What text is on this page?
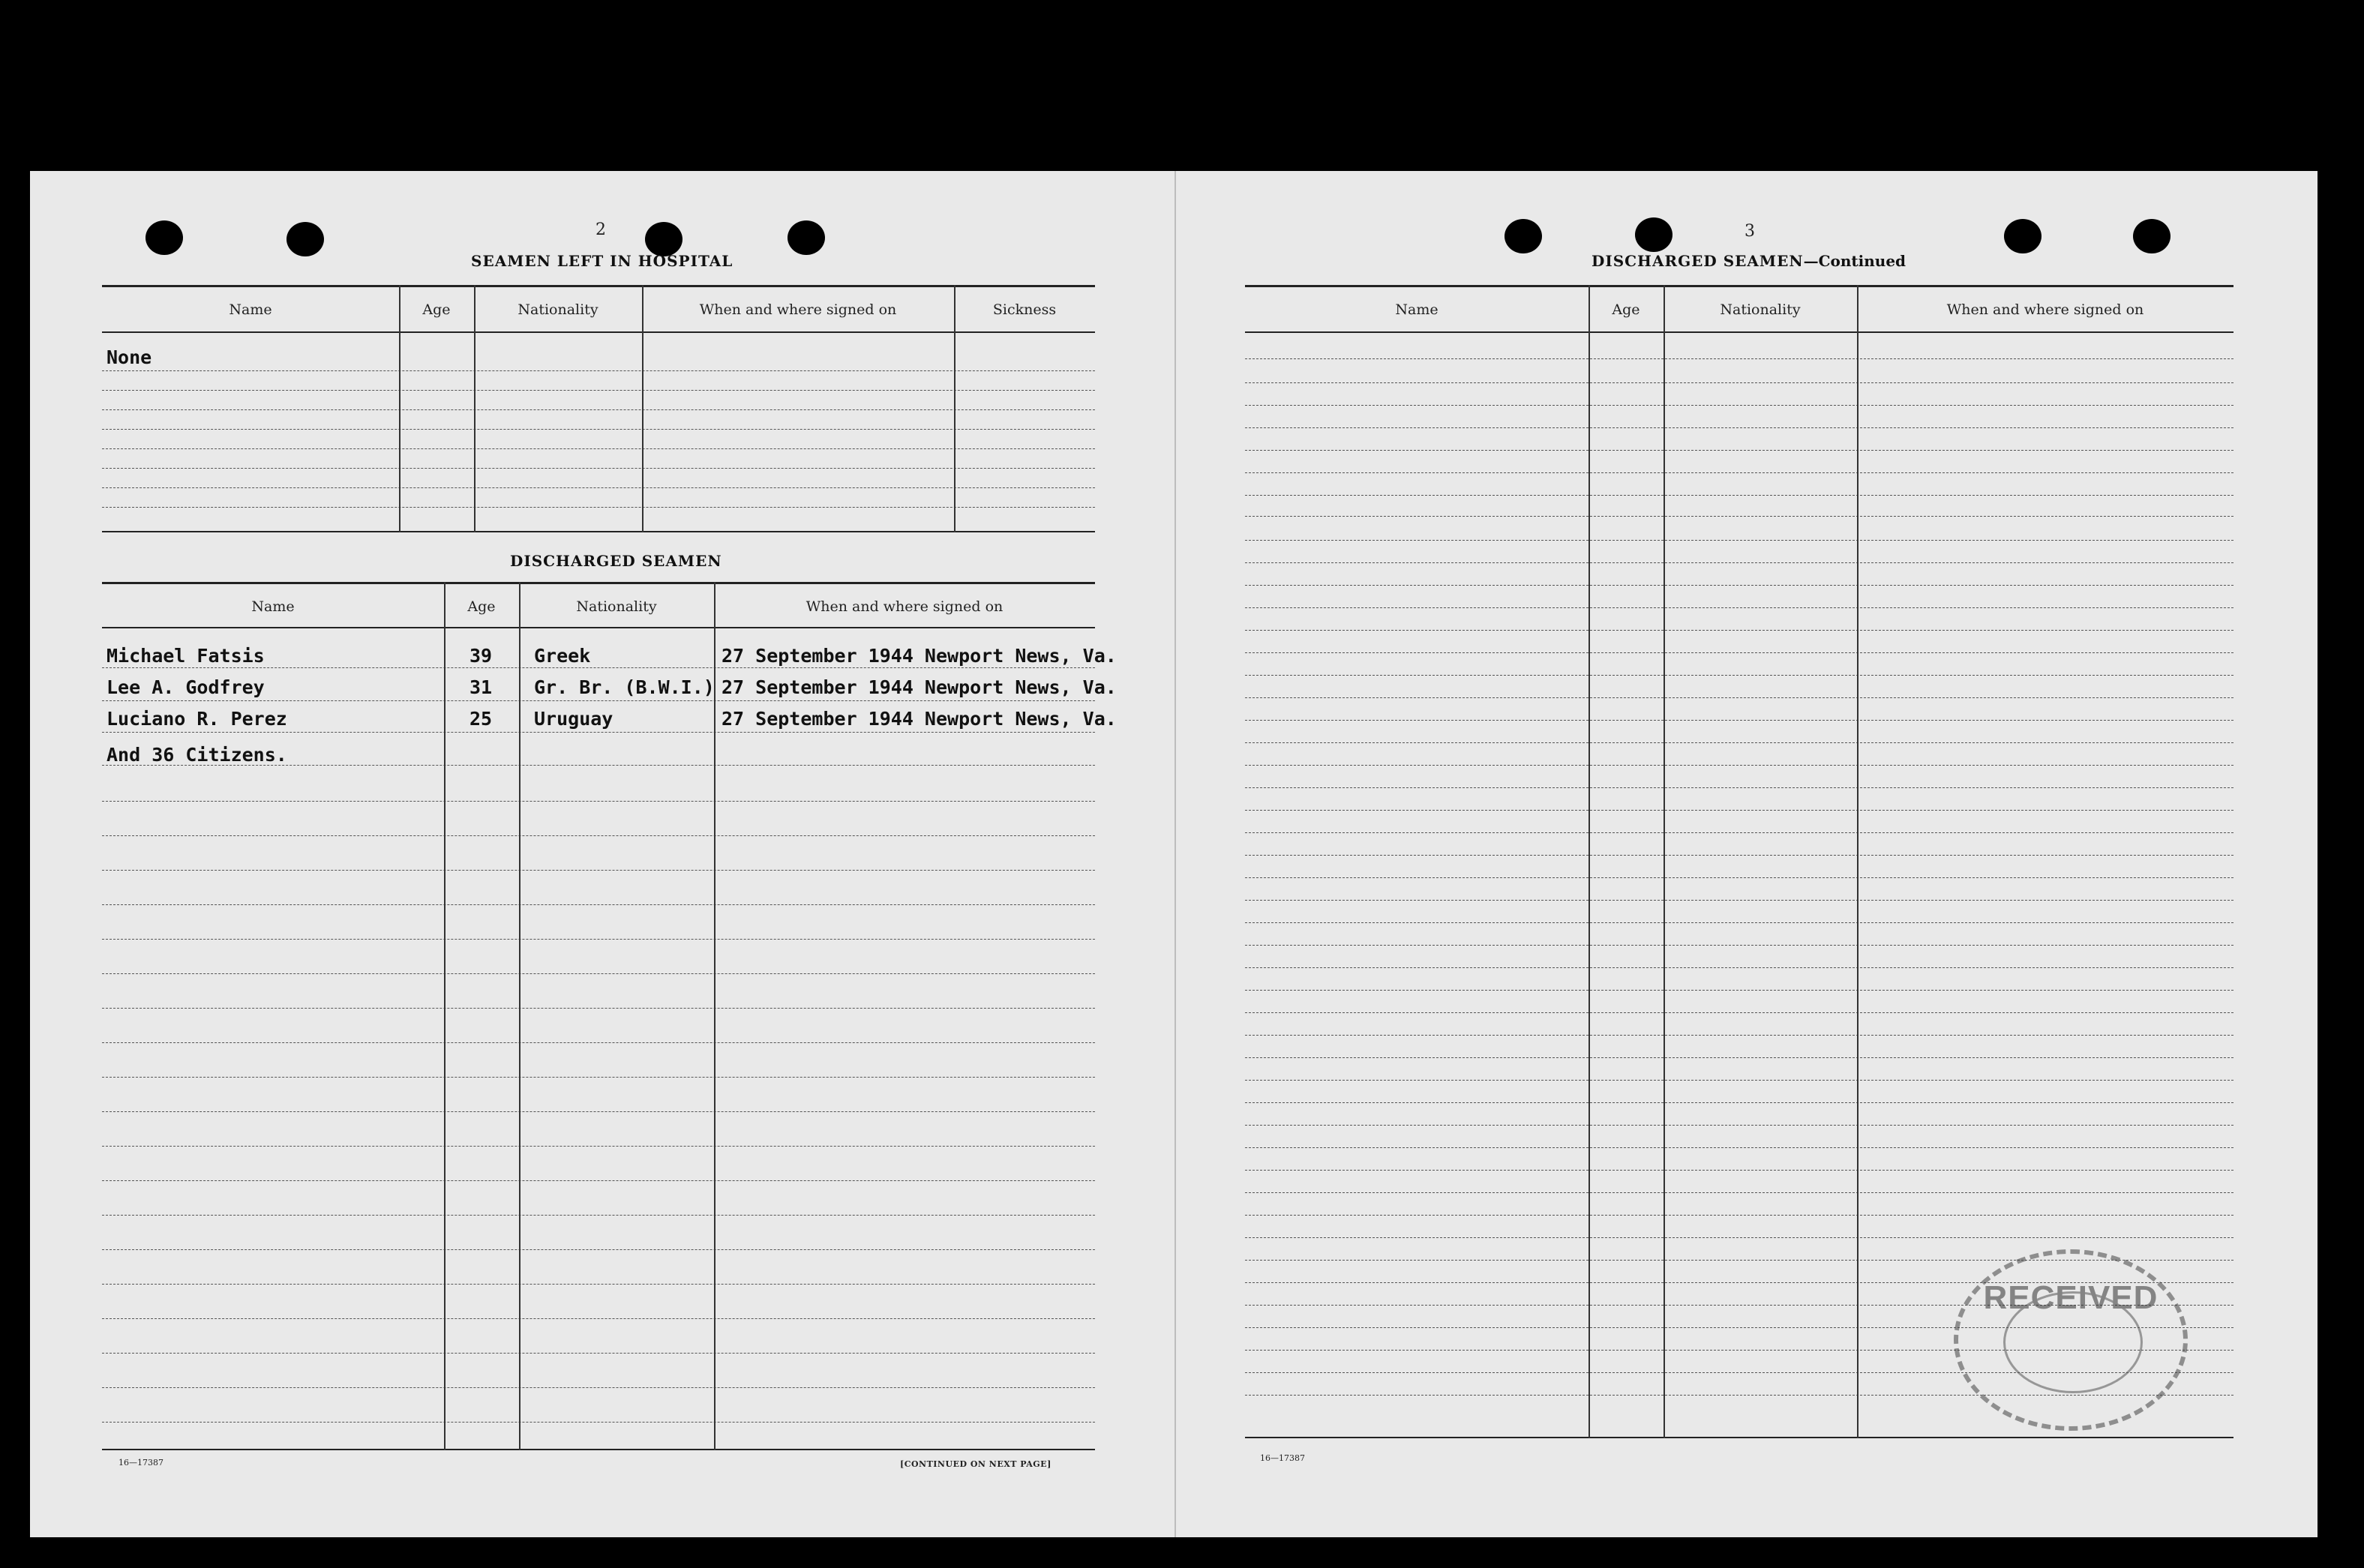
2
SEAMEN LEFT IN HOSPITAL
Name	Age	Nationality	When and where signed on	Sickness
None
DISCHARGED SEAMEN
Name	Age	Nationality	When and where signed on
Michael Fatsis	39 Greek	27 September 1944 Newport News, Va.
Lee A. Godfrey	31 Gr. Br. (B.W.I.) 27 September 1944 Newport News, Va.
Luciano R. Perez	25 Uruguay	27 September 1944 Newport News, Va.
And 36 Citizens.
16—17387	[CONTINUED ON NEXT PAGE]
3
DISCHARGED SEAMEN—Continued
Name	Age	Nationality	When and where signed on
RECEIVED
16—17387
